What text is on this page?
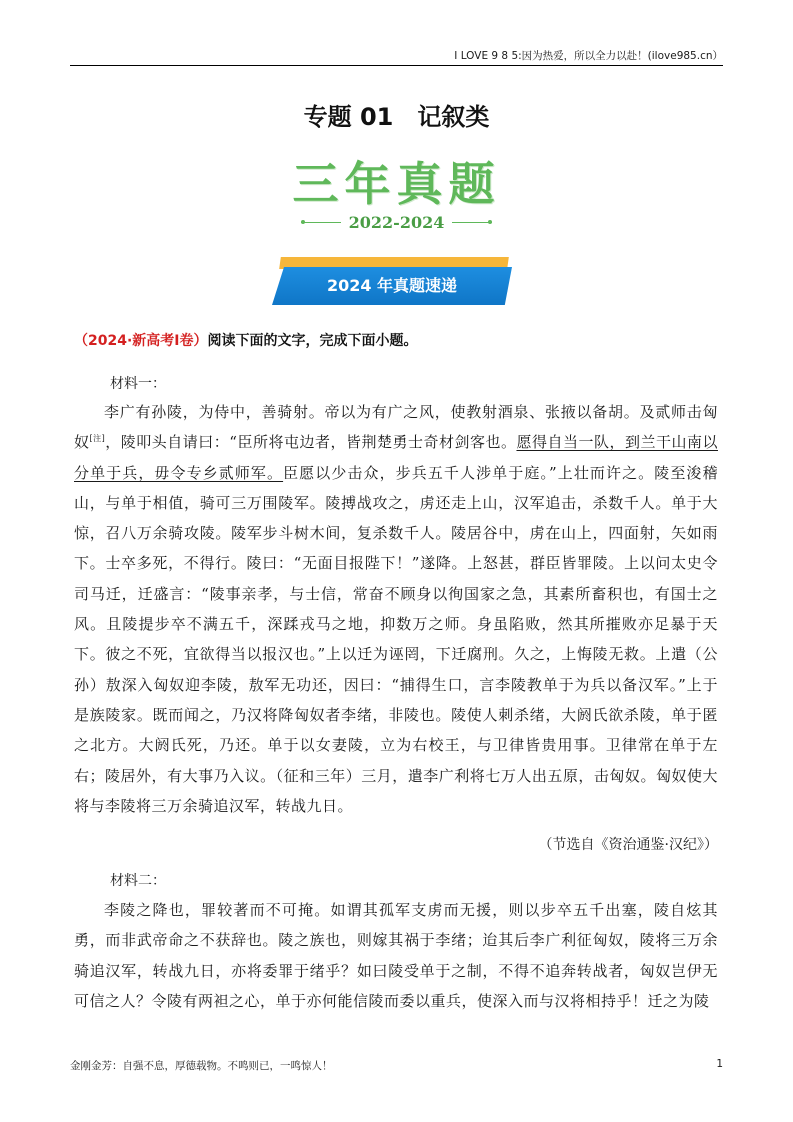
I LOVE 9 8 5:因为热爱，所以全力以赴！(ilove985.cn）
专题 01　记叙类
三年真题
2022-2024
2024 年真题速递
（2024·新高考Ⅰ卷）阅读下面的文字，完成下面小题。
材料一：
李广有孙陵，为侍中，善骑射。帝以为有广之风，使教射酒泉、张掖以备胡。及贰师击匈奴[注]，陵叩头自请曰：“臣所将屯边者，皆荆楚勇士奇材剑客也。愿得自当一队，到兰干山南以分单于兵，毋令专乡贰师军。臣愿以少击众，步兵五千人涉单于庭。”上壮而许之。陵至浚稽山，与单于相值，骑可三万围陵军。陵搏战攻之，虏还走上山，汉军追击，杀数千人。单于大惊，召八万余骑攻陵。陵军步斗树木间，复杀数千人。陵居谷中，虏在山上，四面射，矢如雨下。士卒多死，不得行。陵曰：“无面目报陛下！”遂降。上怒甚，群臣皆罪陵。上以问太史令司马迁，迁盛言：“陵事亲孝，与士信，常奋不顾身以徇国家之急，其素所畜积也，有国士之风。且陵提步卒不满五千，深蹂戎马之地，抑数万之师。身虽陷败，然其所摧败亦足暴于天下。彼之不死，宜欲得当以报汉也。”上以迁为诬罔，下迁腐刑。久之，上悔陵无救。上遣（公孙）敖深入匈奴迎李陵，敖军无功还，因曰：“捕得生口，言李陵教单于为兵以备汉军。”上于是族陵家。既而闻之，乃汉将降匈奴者李绪，非陵也。陵使人刺杀绪，大阏氏欲杀陵，单于匿之北方。大阏氏死，乃还。单于以女妻陵，立为右校王，与卫律皆贵用事。卫律常在单于左右；陵居外，有大事乃入议。（征和三年）三月，遣李广利将七万人出五原，击匈奴。匈奴使大将与李陵将三万余骑追汉军，转战九日。
（节选自《资治通鉴·汉纪》）
材料二：
李陵之降也，罪较著而不可掩。如谓其孤军支虏而无援，则以步卒五千出塞，陵自炫其勇，而非武帝命之不获辞也。陵之族也，则嫁其祸于李绪；迨其后李广利征匈奴，陵将三万余骑追汉军，转战九日，亦将委罪于绪乎？如曰陵受单于之制，不得不追奔转战者，匈奴岂伊无可信之人？令陵有两袒之心，单于亦何能信陵而委以重兵，使深入而与汉将相持乎！迁之为陵
金刚金芳：自强不息，厚德载物。不鸣则已，一鸣惊人！	1
